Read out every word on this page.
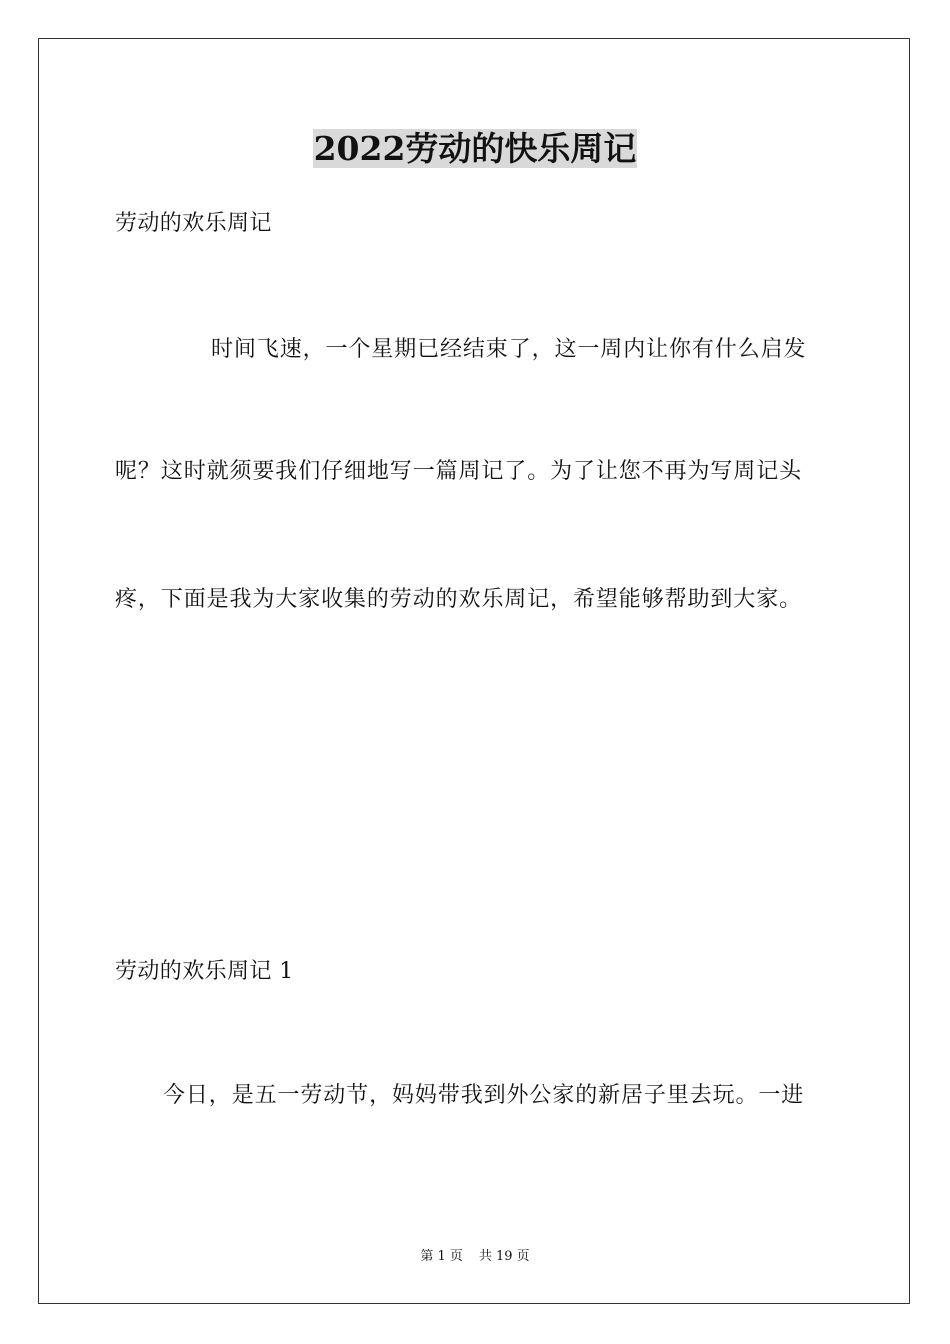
2022劳动的快乐周记
劳动的欢乐周记
时间飞速，一个星期已经结束了，这一周内让你有什么启发
呢？这时就须要我们仔细地写一篇周记了。为了让您不再为写周记头
疼，下面是我为大家收集的劳动的欢乐周记，希望能够帮助到大家。
劳动的欢乐周记 1
今日，是五一劳动节，妈妈带我到外公家的新居子里去玩。一进
第 1 页 共 19 页
